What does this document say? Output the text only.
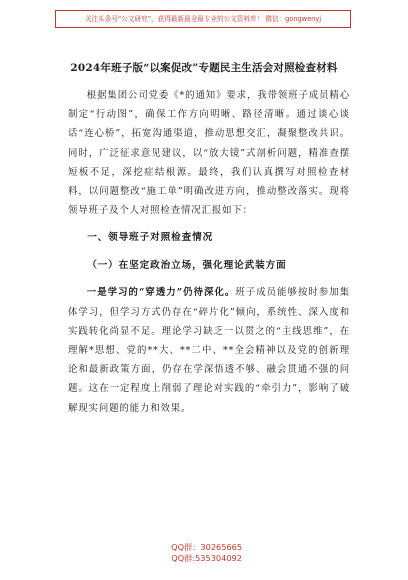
关注头条号“公文研究”，获得最新最全最专业的公文资料库！ 微信：gongwenyj
2024年班子版“以案促改”专题民主生活会对照检查材料

根据集团公司党委《*的通知》要求，我带领班子成员精心制定“行动图”，确保工作方向明晰、路径清晰。通过谈心谈话“连心桥”，拓宽沟通渠道，推动思想交汇，凝聚整改共识。同时，广泛征求意见建议，以“放大镜”式剖析问题，精准查摆短板不足，深挖症结根源。最终，我们认真撰写对照检查材料，以问题整改“施工单”明确改进方向，推动整改落实。现将领导班子及个人对照检查情况汇报如下：

一、领导班子对照检查情况

（一）在坚定政治立场，强化理论武装方面

一是学习的“穿透力”仍待深化。班子成员能够按时参加集体学习，但学习方式仍存在“碎片化”倾向，系统性、深入度和实践转化尚显不足。理论学习缺乏一以贯之的“主线思维”，在理解*思想、党的**大、**二中、**全会精神以及党的创新理论和最新政策方面，仍存在学深悟透不够、融会贯通不强的问题。这在一定程度上削弱了理论对实践的“牵引力”，影响了破解现实问题的能力和效果。

QQ群：30265665
QQ群:535304092
